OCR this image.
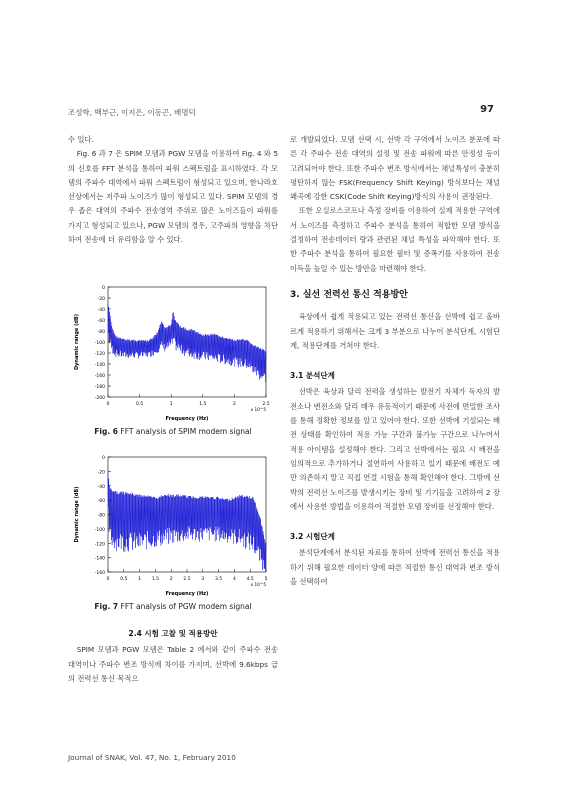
조성학, 백부근, 이지은, 이동곤, 배명덕	97

수 있다.

Fig. 6 과 7 은 SPIM 모뎀과 PGW 모뎀을 이용하여 Fig. 4 와 5 의 신호를 FFT 분석을 통하여 파워 스펙트럼을 표시하였다. 각 모뎀의 주파수 대역에서 파워 스펙트럼이 형성되고 있으며, 한나라호 선상에서는 저주파 노이즈가 많이 형성되고 있다. SPIM 모뎀의 경우 좁은 대역의 주파수 전송영역 주위로 많은 노이즈들이 파워를 가지고 형성되고 있으나, PGW 모뎀의 경우, 고주파의 영향을 차단하여 전송에 더 유리함을 알 수 있다.

0
-20
-40
-60
-80
-100
-120
-140
-160
-180
-200
0	0.5	1	1.5	2	2.5
x 10^5
Frequency (Hz)
Dynamic range (dB)
Fig. 6 FFT analysis of SPIM modem signal
0
-20
-40
-60
-80
-100
-120
-140
-160
0 0.5 1 1.5 2 2.5 3 3.5 4 4.5 5
x 10^5
Frequency (Hz)
Dynamic range (dB)
Fig. 7 FFT analysis of PGW modem signal
2.4 시험 고찰 및 적용방안

SPIM 모뎀과 PGW 모뎀은 Table 2 에서와 같이 주파수 전송 대역이나 주파수 변조 방식에 차이를 가지며, 선박에 9.6kbps 급의 전력선 통신 목적으

로 개발되었다. 모뎀 선택 시, 선박 각 구역에서 노이즈 분포에 따른 각 주파수 전송 대역의 설정 및 전송 파워에 따른 안정성 등이 고려되어야 한다. 또한 주파수 변조 방식에서는 채널특성이 충분히 평탄하지 않는 FSK(Frequency Shift Keying) 방식보다는 채널 왜곡에 강한 CSK(Code Shift Keying)방식의 사용이 권장된다.

또한 오실로스코프나 측정 장비를 이용하여 실제 적용한 구역에서 노이즈를 측정하고 주파수 분석을 통하여 적합한 모뎀 방식을 결정하여 전송데이터 량과 관련된 채널 특성을 파악해야 한다. 또한 주파수 분석을 통하여 필요한 필터 및 증폭기를 사용하여 전송 이득을 높일 수 있는 방안을 마련해야 한다.

3. 실선 전력선 통신 적용방안

육상에서 쉽게 적용되고 있는 전력선 통신을 선박에 쉽고 올바르게 적용하기 위해서는 크게 3 부분으로 나누어 분석단계, 시험단계, 적용단계를 거쳐야 한다.

3.1 분석단계

선박은 육상과 달리 전력을 생성하는 발전기 자체가 독자의 발전소나 변전소와 달리 매우 유동적이기 때문에 사전에 면밀한 조사를 통해 정확한 정보를 알고 있어야 한다. 또한 선박에 기설되는 배전 상태를 확인하여 적용 가능 구간과 불가능 구간으로 나누어서 적용 아이템을 설정해야 한다. 그리고 선박에서는 필요 시 배전을 임의적으로 추가하거나 절연하여 사용하고 있기 때문에 배전도 예만 의존하지 말고 직접 연결 시험을 통해 확인해야 한다. 그밖에 선박의 전력선 노이즈를 발생시키는 장비 및 기기들을 고려하여 2 장에서 사용한 방법을 이용하여 적절한 모뎀 장비를 선정해야 한다.

3.2 시험단계

분석단계에서 분석된 자료를 통하여 선박에 전력선 통신을 적용하기 위해 필요한 데이터 양에 따른 적절한 통신 대역과 변조 방식을 선택하여

Journal of SNAK, Vol. 47, No. 1, February 2010
